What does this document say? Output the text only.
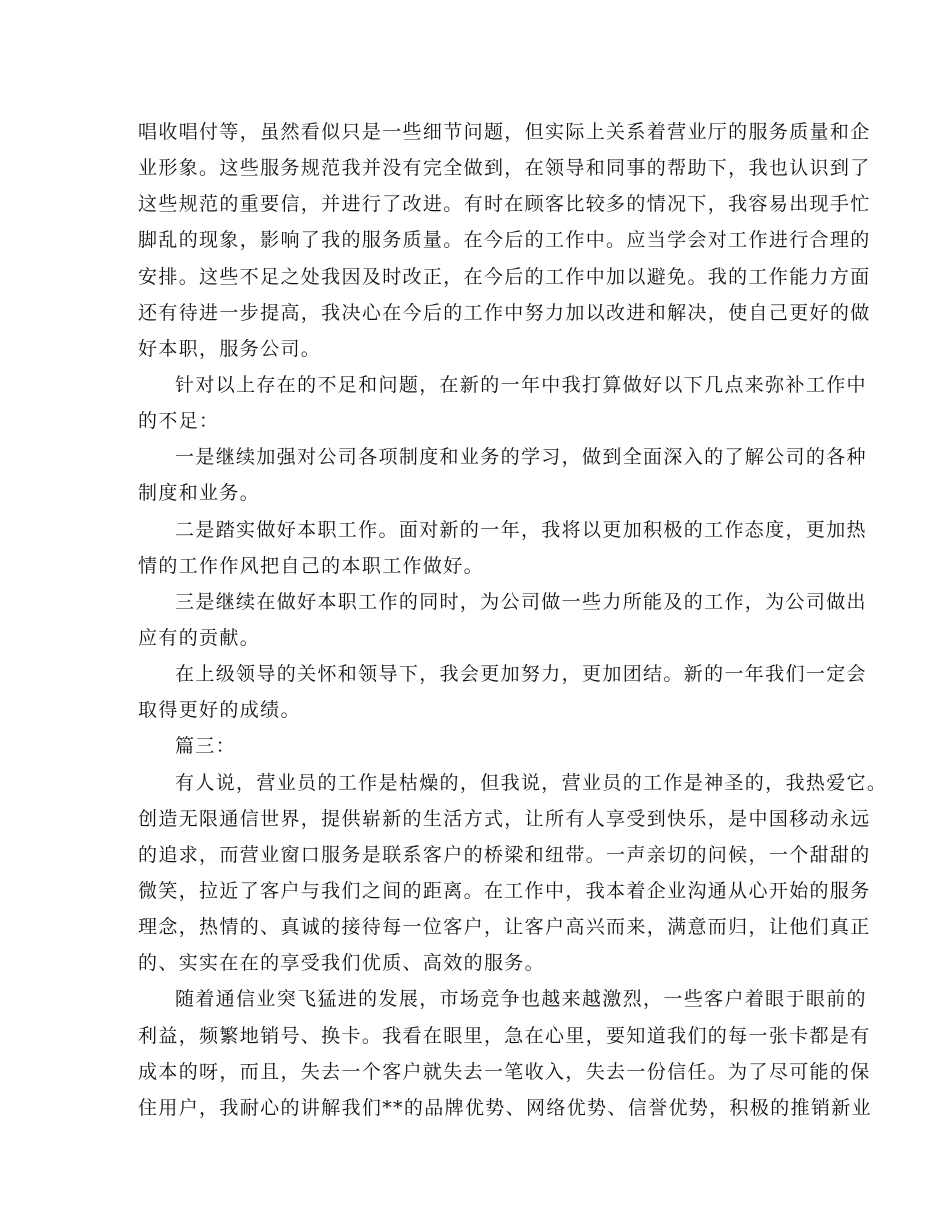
唱收唱付等，虽然看似只是一些细节问题，但实际上关系着营业厅的服务质量和企
业形象。这些服务规范我并没有完全做到，在领导和同事的帮助下，我也认识到了
这些规范的重要信，并进行了改进。有时在顾客比较多的情况下，我容易出现手忙
脚乱的现象，影响了我的服务质量。在今后的工作中。应当学会对工作进行合理的
安排。这些不足之处我因及时改正，在今后的工作中加以避免。我的工作能力方面
还有待进一步提高，我决心在今后的工作中努力加以改进和解决，使自己更好的做
好本职，服务公司。
针对以上存在的不足和问题，在新的一年中我打算做好以下几点来弥补工作中
的不足：
一是继续加强对公司各项制度和业务的学习，做到全面深入的了解公司的各种
制度和业务。
二是踏实做好本职工作。面对新的一年，我将以更加积极的工作态度，更加热
情的工作作风把自己的本职工作做好。
三是继续在做好本职工作的同时，为公司做一些力所能及的工作，为公司做出
应有的贡献。
在上级领导的关怀和领导下，我会更加努力，更加团结。新的一年我们一定会
取得更好的成绩。
篇三：
有人说，营业员的工作是枯燥的，但我说，营业员的工作是神圣的，我热爱它。
创造无限通信世界，提供崭新的生活方式，让所有人享受到快乐，是中国移动永远
的追求，而营业窗口服务是联系客户的桥梁和纽带。一声亲切的问候，一个甜甜的
微笑，拉近了客户与我们之间的距离。在工作中，我本着企业沟通从心开始的服务
理念，热情的、真诚的接待每一位客户，让客户高兴而来，满意而归，让他们真正
的、实实在在的享受我们优质、高效的服务。
随着通信业突飞猛进的发展，市场竞争也越来越激烈，一些客户着眼于眼前的
利益，频繁地销号、换卡。我看在眼里，急在心里，要知道我们的每一张卡都是有
成本的呀，而且，失去一个客户就失去一笔收入，失去一份信任。为了尽可能的保
住用户，我耐心的讲解我们**的品牌优势、网络优势、信誉优势，积极的推销新业
